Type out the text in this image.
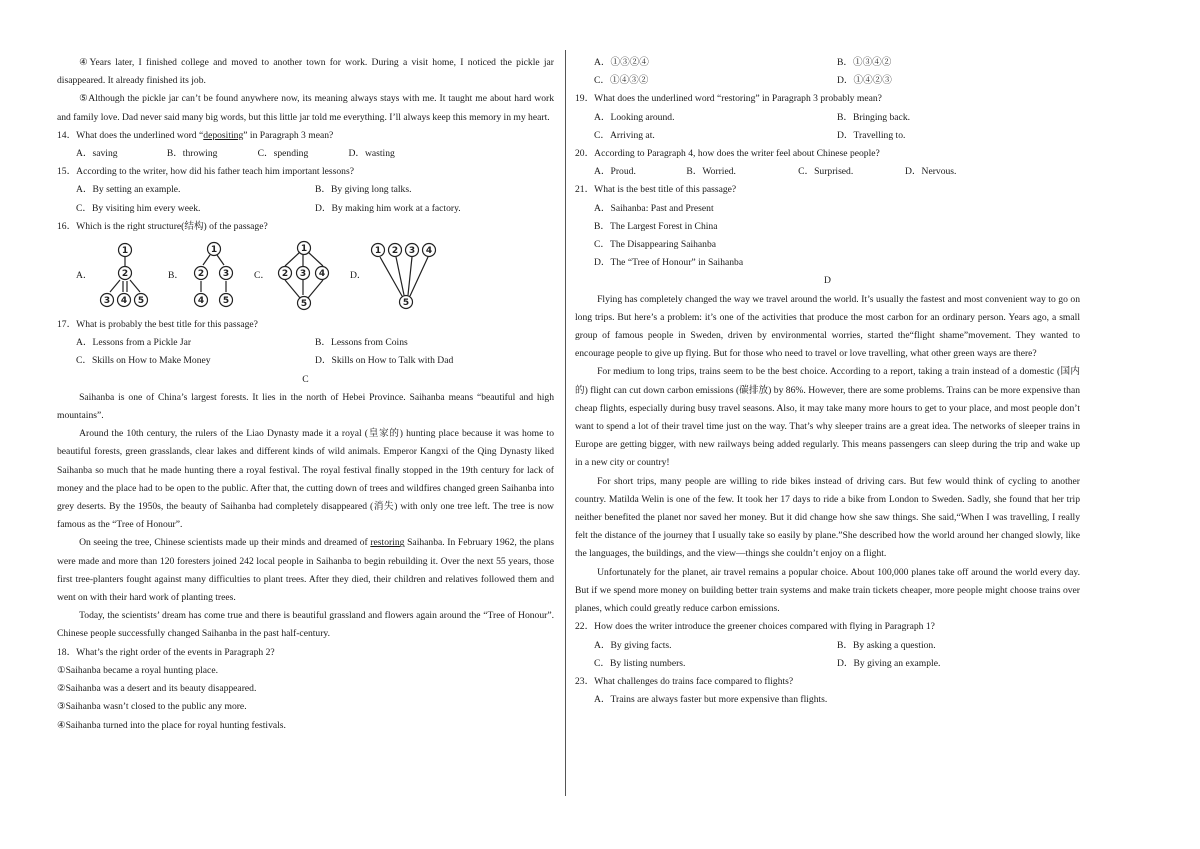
④Years later, I finished college and moved to another town for work. During a visit home, I noticed the pickle jar disappeared. It already finished its job.

⑤Although the pickle jar can’t be found anywhere now, its meaning always stays with me. It taught me about hard work and family love. Dad never said many big words, but this little jar told me everything. I’ll always keep this memory in my heart.

14．What does the underlined word “depositing” in Paragraph 3 mean?

A．saving	B．throwing	C．spending	D．wasting

15．According to the writer, how did his father teach him important lessons?

A．By setting an example.	B．By giving long talks.
C．By visiting him every week.	D．By making him work at a factory.

16．Which is the right structure(结构) of the passage?

A．
1
2
3 4 5
B．
1
2 3
4 5
C．
1
2 3 4
5
D．
1 2 3 4
5

17．What is probably the best title for this passage?

A．Lessons from a Pickle Jar	B．Lessons from Coins
C．Skills on How to Make Money	D．Skills on How to Talk with Dad

C

Saihanba is one of China’s largest forests. It lies in the north of Hebei Province. Saihanba means “beautiful and high mountains”.

Around the 10th century, the rulers of the Liao Dynasty made it a royal (皇家的) hunting place because it was home to beautiful forests, green grasslands, clear lakes and different kinds of wild animals. Emperor Kangxi of the Qing Dynasty liked Saihanba so much that he made hunting there a royal festival. The royal festival finally stopped in the 19th century for lack of money and the place had to be open to the public. After that, the cutting down of trees and wildfires changed green Saihanba into grey deserts. By the 1950s, the beauty of Saihanba had completely disappeared (消失) with only one tree left. The tree is now famous as the “Tree of Honour”.

On seeing the tree, Chinese scientists made up their minds and dreamed of restoring Saihanba. In February 1962, the plans were made and more than 120 foresters joined 242 local people in Saihanba to begin rebuilding it. Over the next 55 years, those first tree-planters fought against many difficulties to plant trees. After they died, their children and relatives followed them and went on with their hard work of planting trees.

Today, the scientists’ dream has come true and there is beautiful grassland and flowers again around the “Tree of Honour”. Chinese people successfully changed Saihanba in the past half-century.

18．What’s the right order of the events in Paragraph 2?

①Saihanba became a royal hunting place.

②Saihanba was a desert and its beauty disappeared.

③Saihanba wasn’t closed to the public any more.

④Saihanba turned into the place for royal hunting festivals.

A．①③②④	B．①③④②
C．①④③②	D．①④②③

19．What does the underlined word “restoring” in Paragraph 3 probably mean?

A．Looking around.	B．Bringing back.
C．Arriving at.	D．Travelling to.

20．According to Paragraph 4, how does the writer feel about Chinese people?

A．Proud.	B．Worried.	C．Surprised.	D．Nervous.

21．What is the best title of this passage?

A．Saihanba: Past and Present

B．The Largest Forest in China

C．The Disappearing Saihanba

D．The “Tree of Honour” in Saihanba

D

Flying has completely changed the way we travel around the world. It’s usually the fastest and most convenient way to go on long trips. But here’s a problem: it’s one of the activities that produce the most carbon for an ordinary person. Years ago, a small group of famous people in Sweden, driven by environmental worries, started the“flight shame”movement. They wanted to encourage people to give up flying. But for those who need to travel or love travelling, what other green ways are there?

For medium to long trips, trains seem to be the best choice. According to a report, taking a train instead of a domestic (国内的) flight can cut down carbon emissions (碳排放) by 86%. However, there are some problems. Trains can be more expensive than cheap flights, especially during busy travel seasons. Also, it may take many more hours to get to your place, and most people don’t want to spend a lot of their travel time just on the way. That’s why sleeper trains are a great idea. The networks of sleeper trains in Europe are getting bigger, with new railways being added regularly. This means passengers can sleep during the trip and wake up in a new city or country!

For short trips, many people are willing to ride bikes instead of driving cars. But few would think of cycling to another country. Matilda Welin is one of the few. It took her 17 days to ride a bike from London to Sweden. Sadly, she found that her trip neither benefited the planet nor saved her money. But it did change how she saw things. She said,“When I was travelling, I really felt the distance of the journey that I usually take so easily by plane.”She described how the world around her changed slowly, like the languages, the buildings, and the view—things she couldn’t enjoy on a flight.

Unfortunately for the planet, air travel remains a popular choice. About 100,000 planes take off around the world every day. But if we spend more money on building better train systems and make train tickets cheaper, more people might choose trains over planes, which could greatly reduce carbon emissions.

22．How does the writer introduce the greener choices compared with flying in Paragraph 1?

A．By giving facts.	B．By asking a question.
C．By listing numbers.	D．By giving an example.

23．What challenges do trains face compared to flights?

A．Trains are always faster but more expensive than flights.
